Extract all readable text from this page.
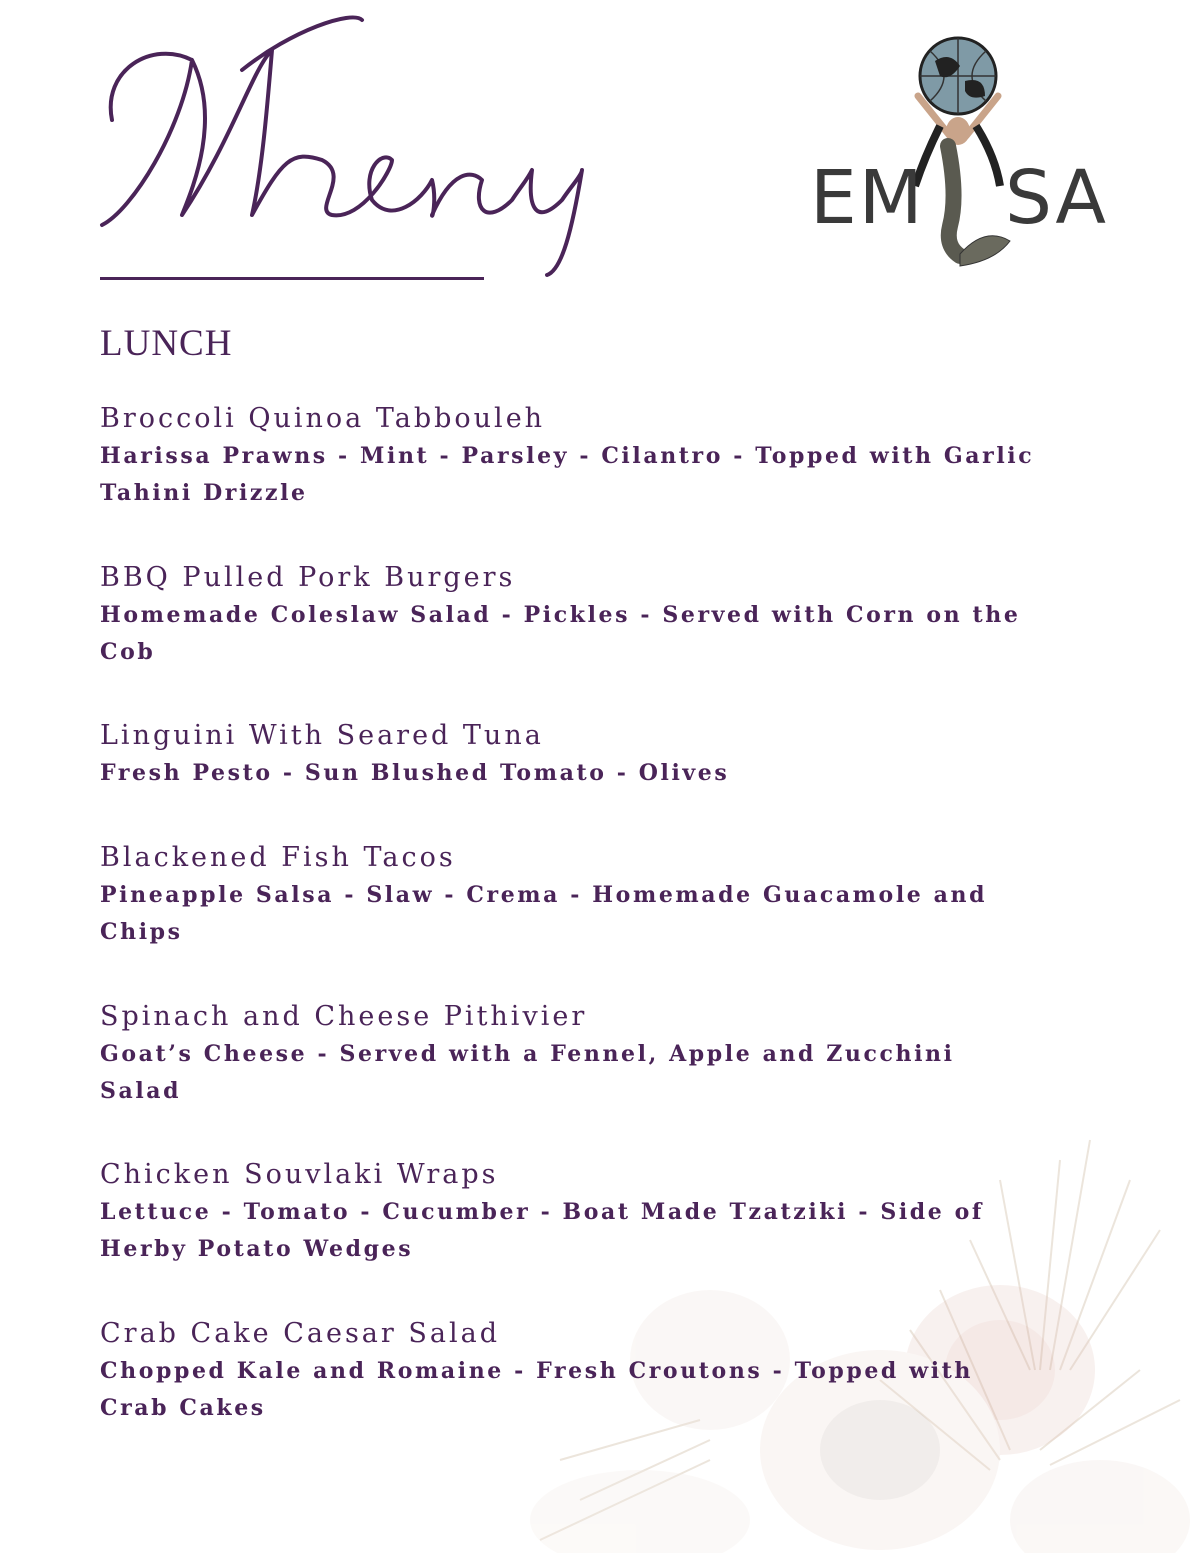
EM SA
LUNCH
Broccoli Quinoa Tabbouleh
Harissa Prawns - Mint - Parsley - Cilantro - Topped with Garlic Tahini Drizzle
BBQ Pulled Pork Burgers
Homemade Coleslaw Salad - Pickles - Served with Corn on the Cob
Linguini With Seared Tuna
Fresh Pesto - Sun Blushed Tomato - Olives
Blackened Fish Tacos
Pineapple Salsa - Slaw - Crema - Homemade Guacamole and Chips
Spinach and Cheese Pithivier
Goat’s Cheese - Served with a Fennel, Apple and Zucchini Salad
Chicken Souvlaki Wraps
Lettuce - Tomato - Cucumber - Boat Made Tzatziki - Side of Herby Potato Wedges
Crab Cake Caesar Salad
Chopped Kale and Romaine - Fresh Croutons - Topped with Crab Cakes
